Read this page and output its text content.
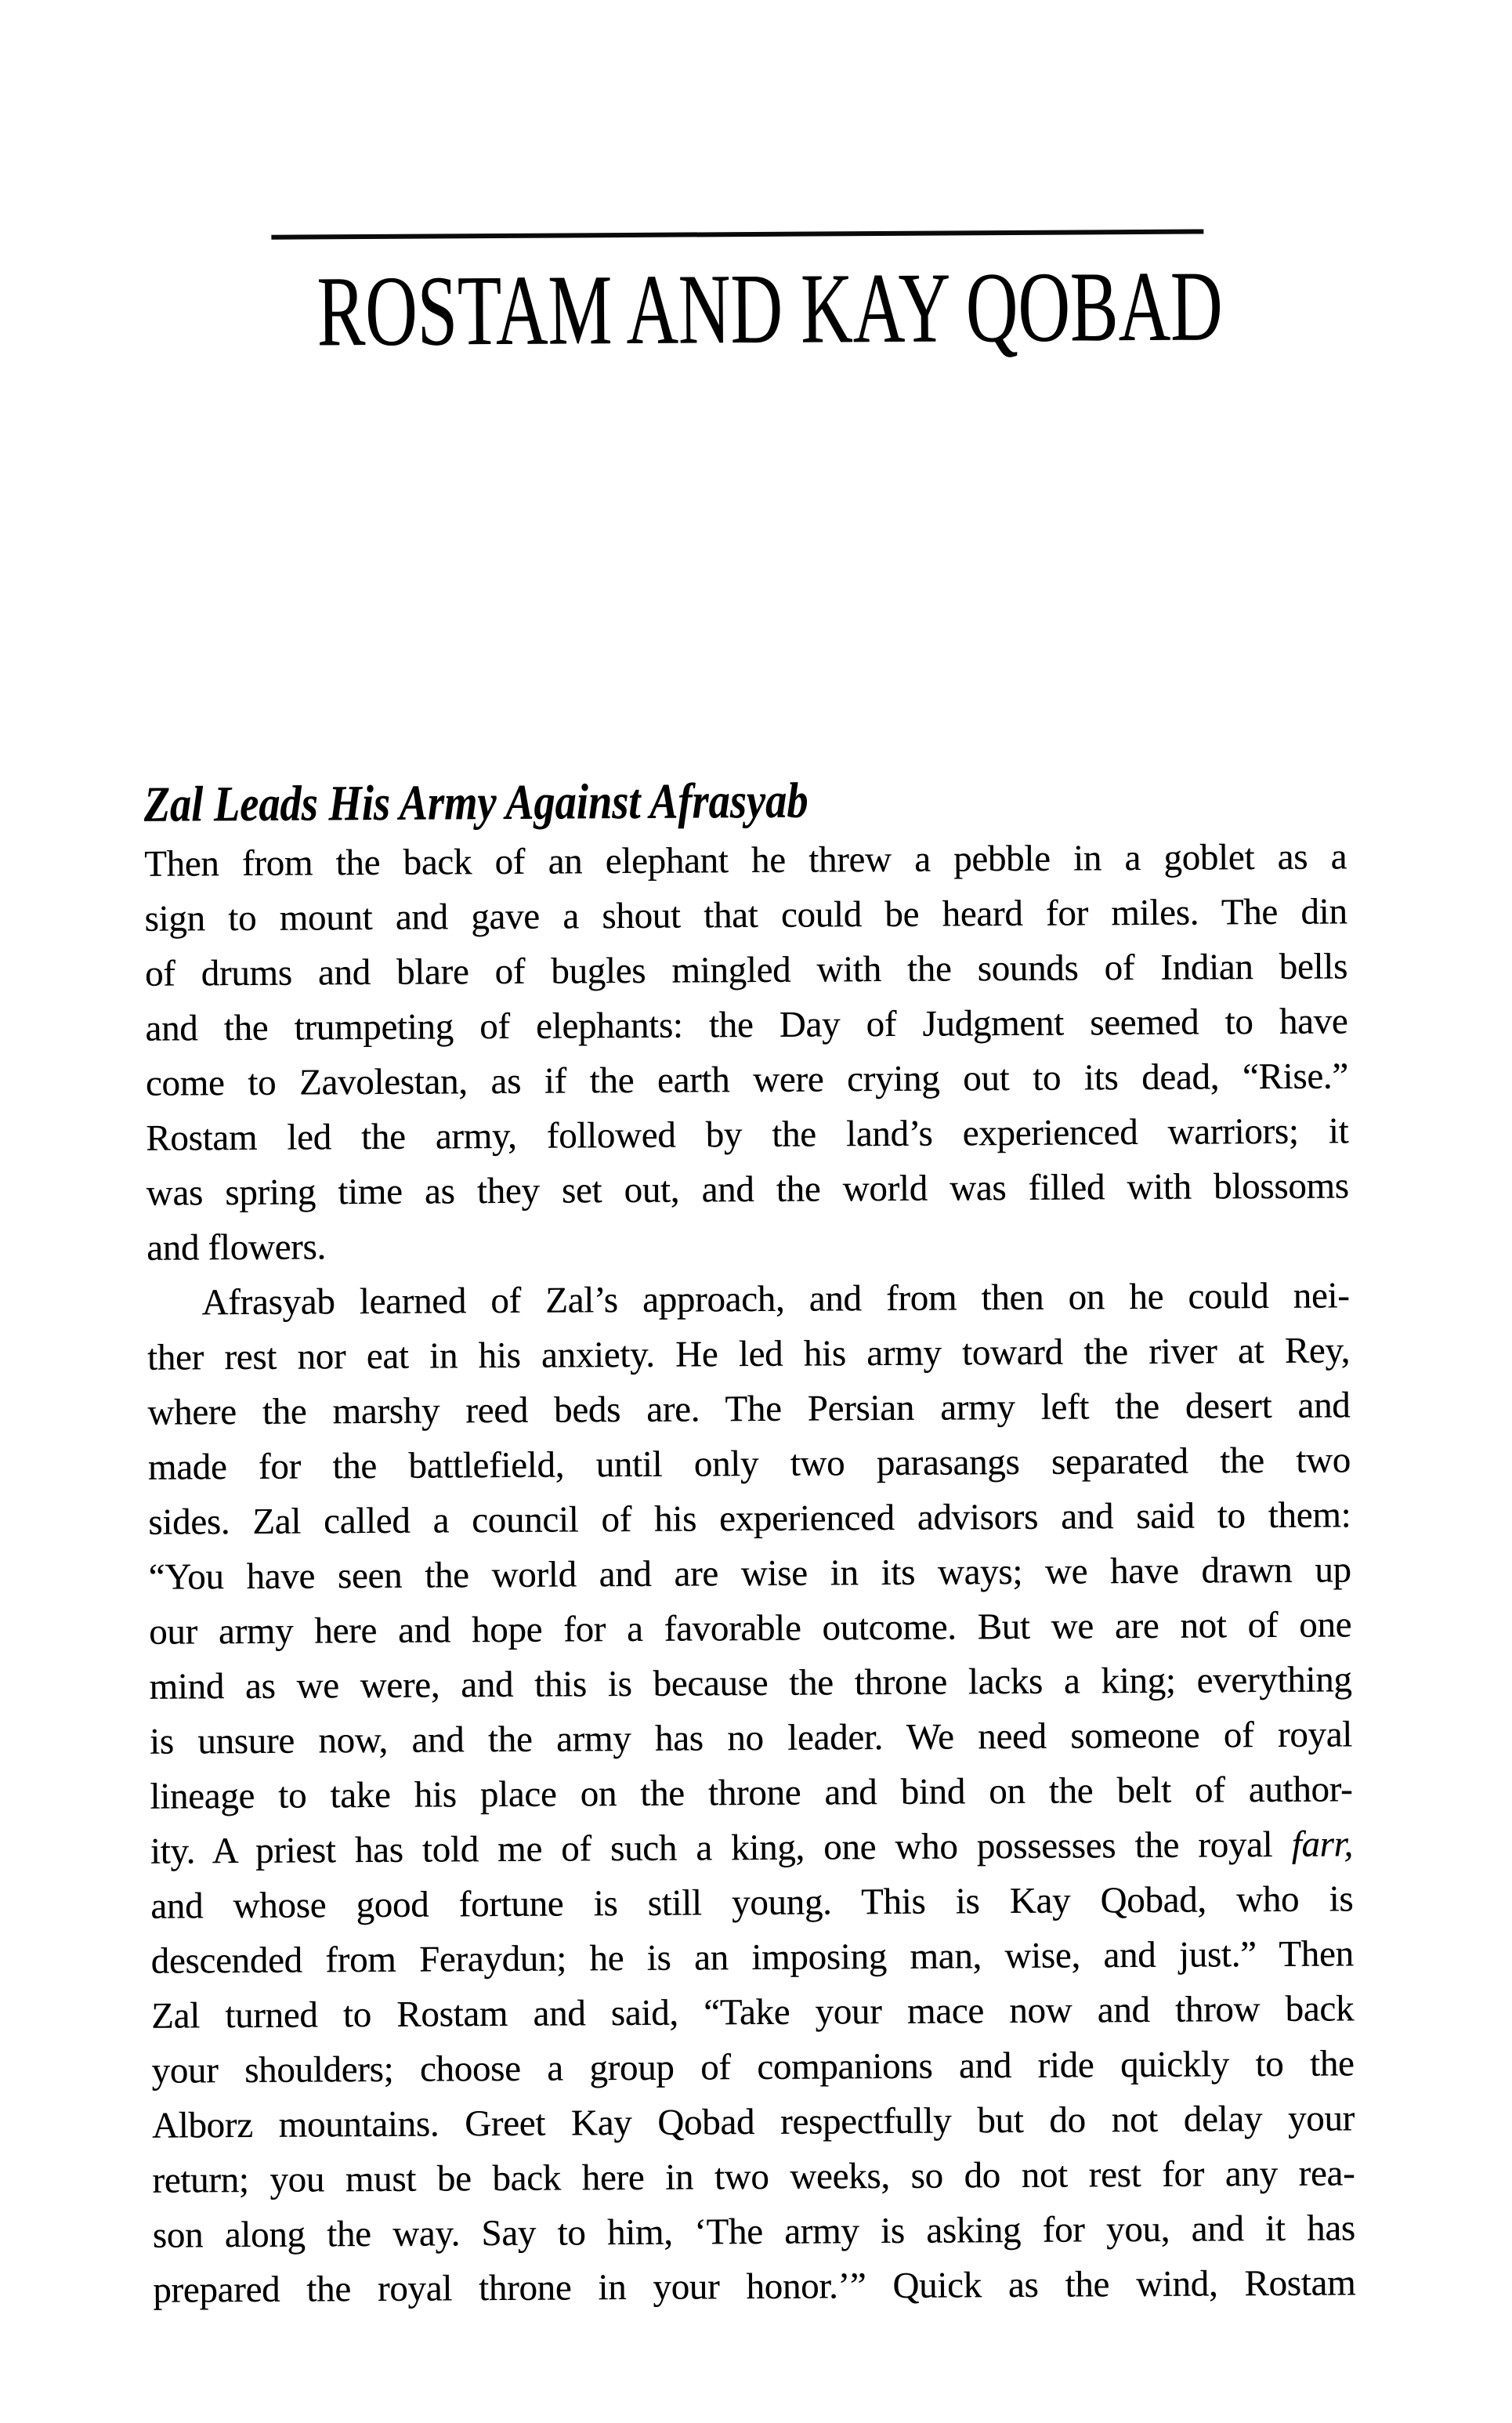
ROSTAM AND KAY QOBAD
Zal Leads His Army Against Afrasyab
Then from the back of an elephant he threw a pebble in a goblet as a
sign to mount and gave a shout that could be heard for miles. The din
of drums and blare of bugles mingled with the sounds of Indian bells
and the trumpeting of elephants: the Day of Judgment seemed to have
come to Zavolestan, as if the earth were crying out to its dead, “Rise.”
Rostam led the army, followed by the land’s experienced warriors; it
was spring time as they set out, and the world was filled with blossoms
and flowers.
Afrasyab learned of Zal’s approach, and from then on he could nei-
ther rest nor eat in his anxiety. He led his army toward the river at Rey,
where the marshy reed beds are. The Persian army left the desert and
made for the battlefield, until only two parasangs separated the two
sides. Zal called a council of his experienced advisors and said to them:
“You have seen the world and are wise in its ways; we have drawn up
our army here and hope for a favorable outcome. But we are not of one
mind as we were, and this is because the throne lacks a king; everything
is unsure now, and the army has no leader. We need someone of royal
lineage to take his place on the throne and bind on the belt of author-
ity. A priest has told me of such a king, one who possesses the royal farr,
and whose good fortune is still young. This is Kay Qobad, who is
descended from Feraydun; he is an imposing man, wise, and just.” Then
Zal turned to Rostam and said, “Take your mace now and throw back
your shoulders; choose a group of companions and ride quickly to the
Alborz mountains. Greet Kay Qobad respectfully but do not delay your
return; you must be back here in two weeks, so do not rest for any rea-
son along the way. Say to him, ‘The army is asking for you, and it has
prepared the royal throne in your honor.’” Quick as the wind, Rostam
